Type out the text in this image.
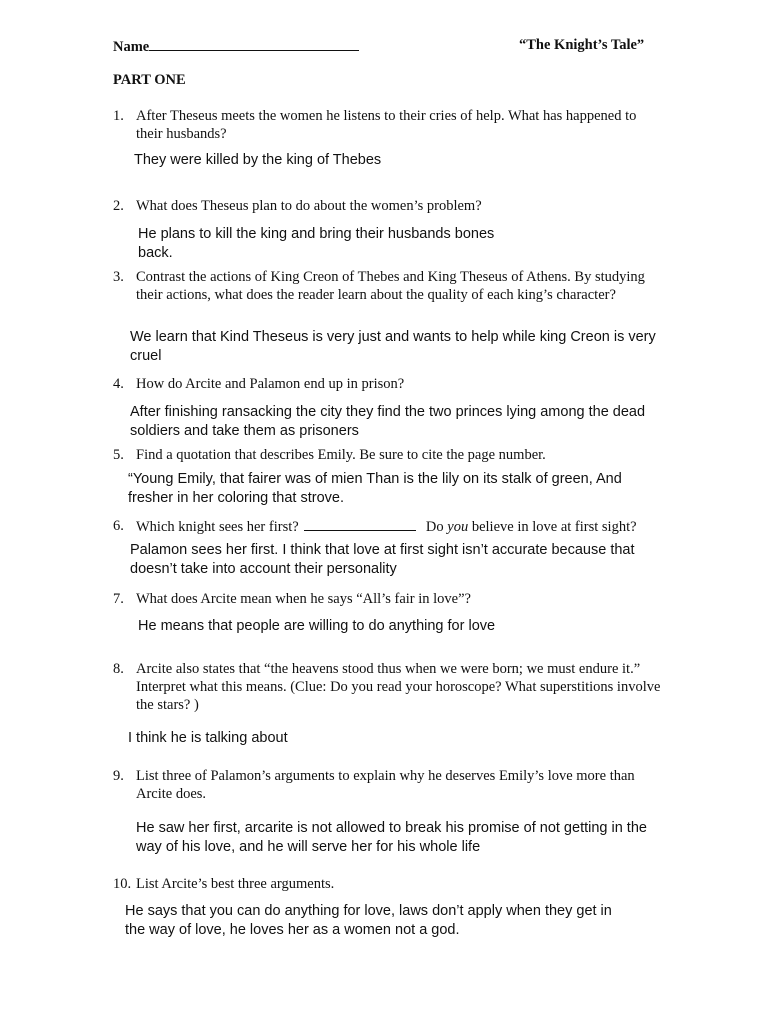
Name	“The Knight’s Tale”
PART ONE
1. After Theseus meets the women he listens to their cries of help. What has happened to their husbands?
They were killed by the king of Thebes
2. What does Theseus plan to do about the women’s problem?
He plans to kill the king and bring their husbands bones back.
3. Contrast the actions of King Creon of Thebes and King Theseus of Athens. By studying their actions, what does the reader learn about the quality of each king’s character?
We learn that Kind Theseus is very just and wants to help while king Creon is very cruel
4. How do Arcite and Palamon end up in prison?
After finishing ransacking the city they find the two princes lying among the dead soldiers and take them as prisoners
5. Find a quotation that describes Emily. Be sure to cite the page number.
“Young Emily, that fairer was of mien Than is the lily on its stalk of green, And fresher in her coloring that strove.
6. Which knight sees her first?	Do you believe in love at first sight?
Palamon sees her first. I think that love at first sight isn’t accurate because that doesn’t take into account their personality
7. What does Arcite mean when he says “All’s fair in love”?
He means that people are willing to do anything for love
8. Arcite also states that “the heavens stood thus when we were born; we must endure it.” Interpret what this means. (Clue: Do you read your horoscope? What superstitions involve the stars? )
I think he is talking about
9. List three of Palamon’s arguments to explain why he deserves Emily’s love more than Arcite does.
He saw her first, arcarite is not allowed to break his promise of not getting in the way of his love, and he will serve her for his whole life
10. List Arcite’s best three arguments.
He says that you can do anything for love, laws don’t apply when they get in the way of love, he loves her as a women not a god.
